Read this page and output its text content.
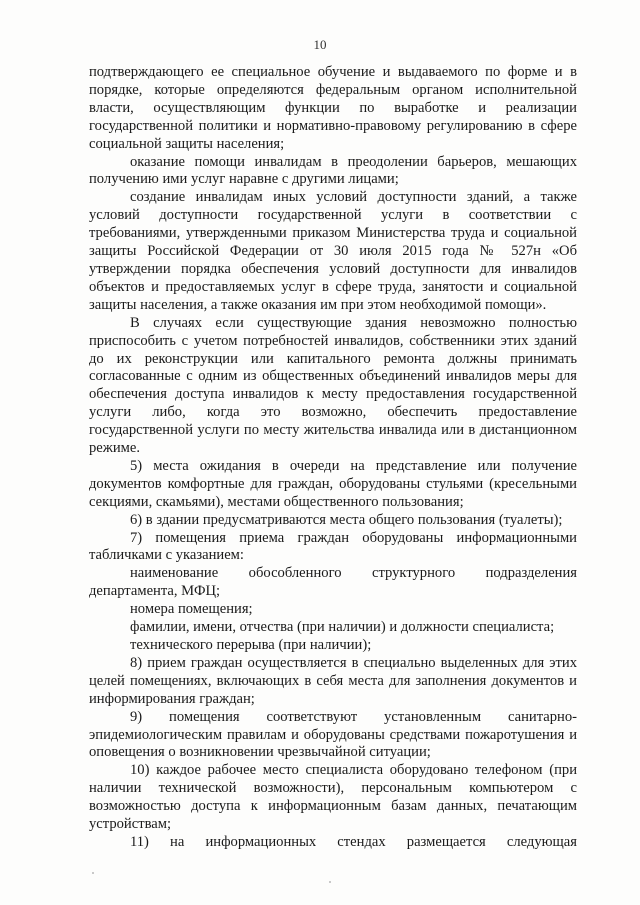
10

подтверждающего ее специальное обучение и выдаваемого по форме и в порядке, которые определяются федеральным органом исполнительной власти, осуществляющим функции по выработке и реализации государственной политики и нормативно-правовому регулированию в сфере социальной защиты населения;

оказание помощи инвалидам в преодолении барьеров, мешающих получению ими услуг наравне с другими лицами;

создание инвалидам иных условий доступности зданий, а также условий доступности государственной услуги в соответствии с требованиями, утвержденными приказом Министерства труда и социальной защиты Российской Федерации от 30 июля 2015 года № 527н «Об утверждении порядка обеспечения условий доступности для инвалидов объектов и предоставляемых услуг в сфере труда, занятости и социальной защиты населения, а также оказания им при этом необходимой помощи».

В случаях если существующие здания невозможно полностью приспособить с учетом потребностей инвалидов, собственники этих зданий до их реконструкции или капитального ремонта должны принимать согласованные с одним из общественных объединений инвалидов меры для обеспечения доступа инвалидов к месту предоставления государственной услуги либо, когда это возможно, обеспечить предоставление государственной услуги по месту жительства инвалида или в дистанционном режиме.

5) места ожидания в очереди на представление или получение документов комфортные для граждан, оборудованы стульями (кресельными секциями, скамьями), местами общественного пользования;

6) в здании предусматриваются места общего пользования (туалеты);

7) помещения приема граждан оборудованы информационными табличками с указанием:

наименование обособленного структурного подразделения департамента, МФЦ;

номера помещения;

фамилии, имени, отчества (при наличии) и должности специалиста;

технического перерыва (при наличии);

8) прием граждан осуществляется в специально выделенных для этих целей помещениях, включающих в себя места для заполнения документов и информирования граждан;

9) помещения соответствуют установленным санитарно-эпидемиологическим правилам и оборудованы средствами пожаротушения и оповещения о возникновении чрезвычайной ситуации;

10) каждое рабочее место специалиста оборудовано телефоном (при наличии технической возможности), персональным компьютером с возможностью доступа к информационным базам данных, печатающим устройствам;

11) на информационных стендах размещается следующая
